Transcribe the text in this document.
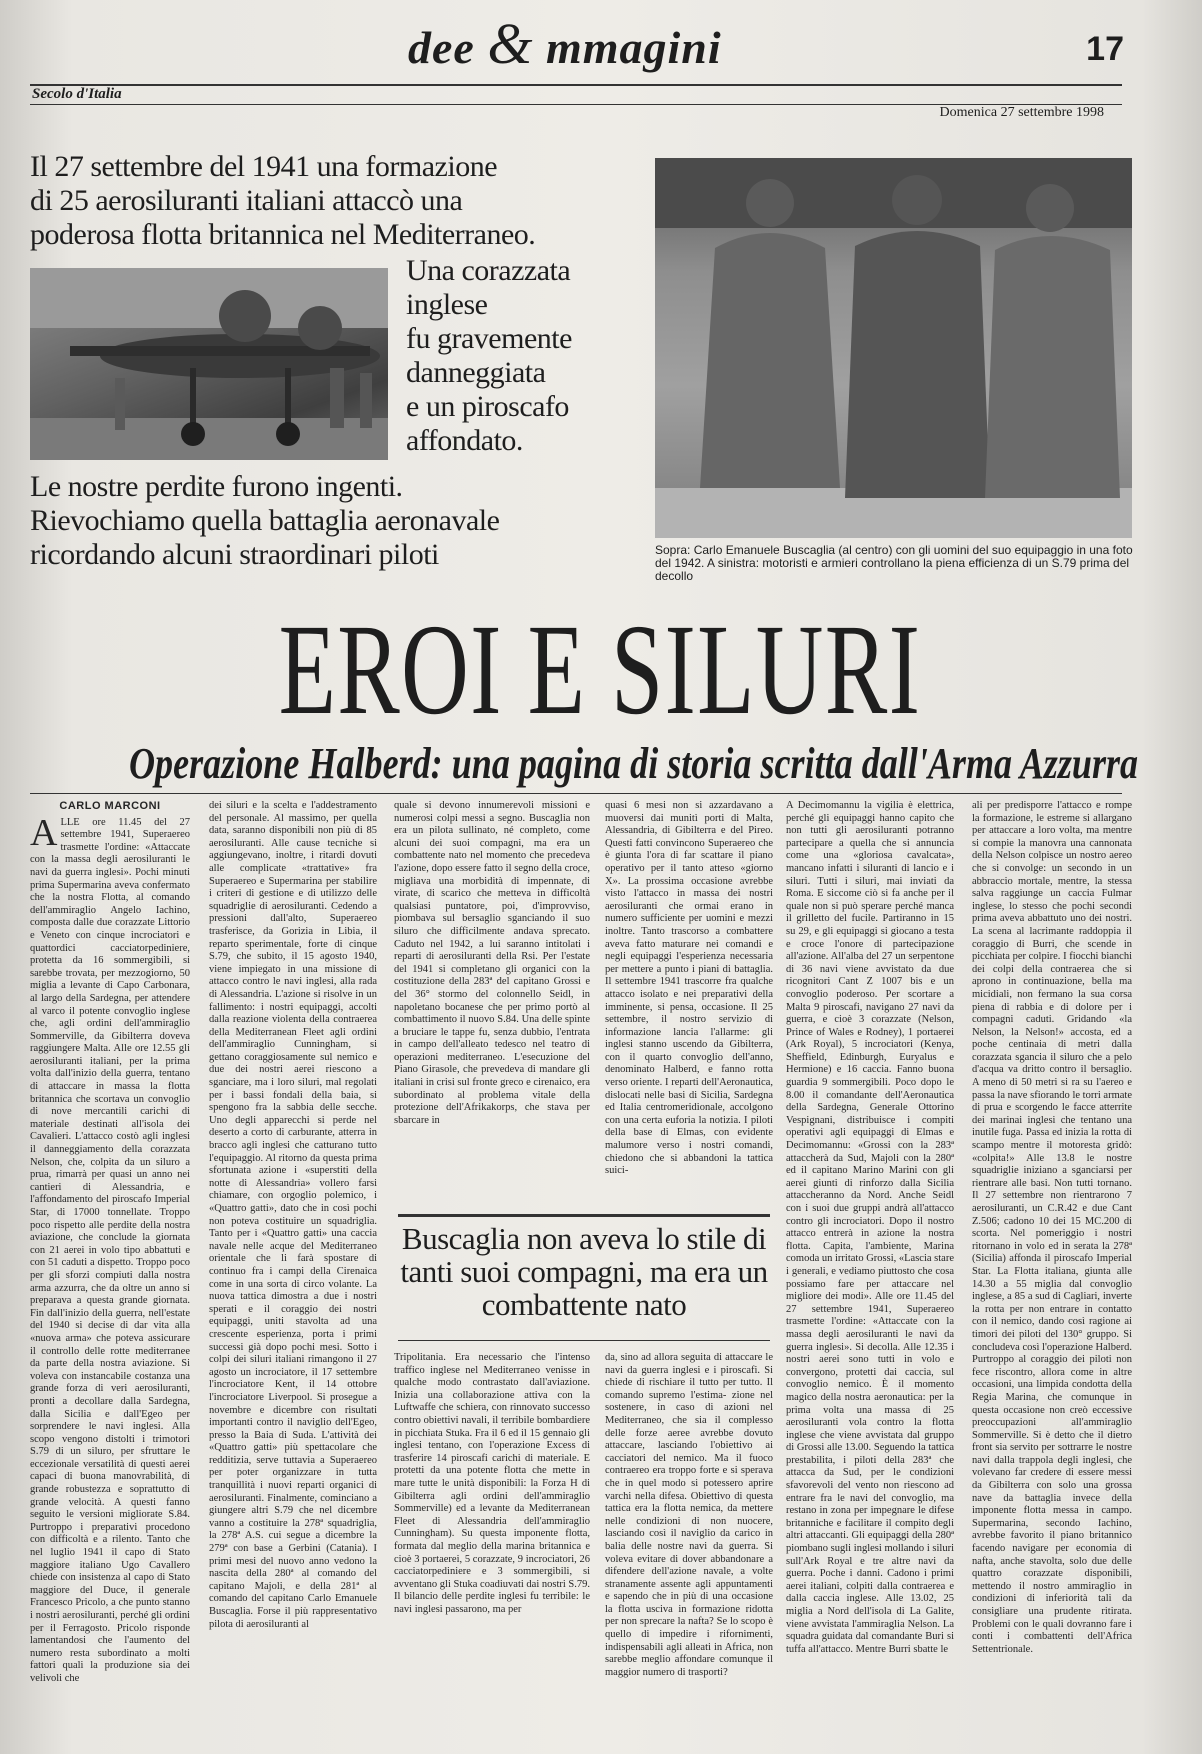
dee & mmagini	17
Secolo d'Italia
Domenica 27 settembre 1998
Il 27 settembre del 1941 una formazione
di 25 aerosiluranti italiani attaccò una
poderosa flotta britannica nel Mediterraneo.
Una corazzata
inglese
fu gravemente
danneggiata
e un piroscafo
affondato.
Le nostre perdite furono ingenti.
Rievochiamo quella battaglia aeronavale
ricordando alcuni straordinari piloti	Sopra: Carlo Emanuele Buscaglia (al centro) con gli uomini del suo equipaggio in una foto del 1942. A sinistra: motoristi e armieri controllano la piena efficienza di un S.79 prima del decollo
EROI E SILURI
Operazione Halberd: una pagina di storia scritta dall'Arma Azzurra
CARLO MARCONI

ALLE ore 11.45 del 27 settembre 1941, Superaereo trasmette l'ordine: «Attaccate con la massa degli aerosiluranti le navi da guerra inglesi». Pochi minuti prima Supermarina aveva confermato che la nostra Flotta, al comando dell'ammiraglio Angelo Iachino, composta dalle due corazzate Littorio e Veneto con cinque incrociatori e quattordici cacciatorpediniere, protetta da 16 sommergibili, si sarebbe trovata, per mezzogiorno, 50 miglia a levante di Capo Carbonara, al largo della Sardegna, per attendere al varco il potente convoglio inglese che, agli ordini dell'ammiraglio Sommerville, da Gibilterra doveva raggiungere Malta. Alle ore 12.55 gli aerosiluranti italiani, per la prima volta dall'inizio della guerra, tentano di attaccare in massa la flotta britannica che scortava un convoglio di nove mercantili carichi di materiale destinati all'isola dei Cavalieri. L'attacco costò agli inglesi il danneggiamento della corazzata Nelson, che, colpita da un siluro a prua, rimarrà per quasi un anno nei cantieri di Alessandria, e l'affondamento del piroscafo Imperial Star, di 17000 tonnellate. Troppo poco rispetto alle perdite della nostra aviazione, che conclude la giornata con 21 aerei in volo tipo abbattuti e con 51 caduti a dispetto. Troppo poco per gli sforzi compiuti dalla nostra arma azzurra, che da oltre un anno si preparava a questa grande giornata. Fin dall'inizio della guerra, nell'estate del 1940 si decise di dar vita alla «nuova arma» che poteva assicurare il controllo delle rotte mediterranee da parte della nostra aviazione. Si voleva con instancabile costanza una grande forza di veri aerosiluranti, pronti a decollare dalla Sardegna, dalla Sicilia e dall'Egeo per sorprendere le navi inglesi. Alla scopo vengono distolti i trimotori S.79 di un siluro, per sfruttare le eccezionale versatilità di questi aerei capaci di buona manovrabilità, di grande robustezza e soprattutto di grande velocità. A questi fanno seguito le versioni migliorate S.84. Purtroppo i preparativi procedono con difficoltà e a rilento. Tanto che nel luglio 1941 il capo di Stato maggiore italiano Ugo Cavallero chiede con insistenza al capo di Stato maggiore del Duce, il generale Francesco Pricolo, a che punto stanno i nostri aerosiluranti, perché gli ordini per il Ferragosto. Pricolo risponde lamentandosi che l'aumento del numero resta subordinato a molti fattori quali la produzione sia dei velivoli che

dei siluri e la scelta e l'addestramento del personale. Al massimo, per quella data, saranno disponibili non più di 85 aerosiluranti. Alle cause tecniche si aggiungevano, inoltre, i ritardi dovuti alle complicate «trattative» fra Superaereo e Supermarina per stabilire i criteri di gestione e di utilizzo delle squadriglie di aerosiluranti. Cedendo a pressioni dall'alto, Superaereo trasferisce, da Gorizia in Libia, il reparto sperimentale, forte di cinque S.79, che subito, il 15 agosto 1940, viene impiegato in una missione di attacco contro le navi inglesi, alla rada di Alessandria. L'azione si risolve in un fallimento: i nostri equipaggi, accolti dalla reazione violenta della contraerea della Mediterranean Fleet agli ordini dell'ammiraglio Cunningham, si gettano coraggiosamente sul nemico e due dei nostri aerei riescono a sganciare, ma i loro siluri, mal regolati per i bassi fondali della baia, si spengono fra la sabbia delle secche. Uno degli apparecchi si perde nel deserto a corto di carburante, atterra in bracco agli inglesi che catturano tutto l'equipaggio. Al ritorno da questa prima sfortunata azione i «superstiti della notte di Alessandria» vollero farsi chiamare, con orgoglio polemico, i «Quattro gatti», dato che in così pochi non poteva costituire un squadriglia. Tanto per i «Quattro gatti» una caccia navale nelle acque del Mediterraneo orientale che li farà spostare di continuo fra i campi della Cirenaica come in una sorta di circo volante. La nuova tattica dimostra a due i nostri sperati e il coraggio dei nostri equipaggi, uniti stavolta ad una crescente esperienza, porta i primi successi già dopo pochi mesi. Sotto i colpi dei siluri italiani rimangono il 27 agosto un incrociatore, il 17 settembre l'incrociatore Kent, il 14 ottobre l'incrociatore Liverpool. Si prosegue a novembre e dicembre con risultati importanti contro il naviglio dell'Egeo, presso la Baia di Suda. L'attività dei «Quattro gatti» più spettacolare che redditizia, serve tuttavia a Superaereo per poter organizzare in tutta tranquillità i nuovi reparti organici di aerosiluranti. Finalmente, cominciano a giungere altri S.79 che nel dicembre vanno a costituire la 278ª squadriglia, la 278ª A.S. cui segue a dicembre la 279ª con base a Gerbini (Catania). I primi mesi del nuovo anno vedono la nascita della 280ª al comando del capitano Majoli, e della 281ª al comando del capitano Carlo Emanuele Buscaglia. Forse il più rappresentativo pilota di aerosiluranti al

quale si devono innumerevoli missioni e numerosi colpi messi a segno. Buscaglia non era un pilota sullinato, né completo, come alcuni dei suoi compagni, ma era un combattente nato nel momento che precedeva l'azione, dopo essere fatto il segno della croce, migliava una morbidità di impennate, di virate, di scarico che metteva in difficoltà qualsiasi puntatore, poi, d'improvviso, piombava sul bersaglio sganciando il suo siluro che difficilmente andava sprecato. Caduto nel 1942, a lui saranno intitolati i reparti di aerosiluranti della Rsi. Per l'estate del 1941 si completano gli organici con la costituzione della 283ª del capitano Grossi e del 36° stormo del colonnello Seidl, in napoletano bocanese che per primo portò al combattimento il nuovo S.84. Una delle spinte a bruciare le tappe fu, senza dubbio, l'entrata in campo dell'alleato tedesco nel teatro di operazioni mediterraneo. L'esecuzione del Piano Girasole, che prevedeva di mandare gli italiani in crisi sul fronte greco e cirenaico, era subordinato al problema vitale della protezione dell'Afrikakorps, che stava per sbarcare in

quasi 6 mesi non si azzardavano a muoversi dai munitì porti di Malta, Alessandria, di Gibilterra e del Pireo. Questi fatti convincono Superaereo che è giunta l'ora di far scattare il piano operativo per il tanto atteso «giorno X». La prossima occasione avrebbe visto l'attacco in massa dei nostri aerosiluranti che ormai erano in numero sufficiente per uomini e mezzi inoltre. Tanto trascorso a combattere aveva fatto maturare nei comandi e negli equipaggi l'esperienza necessaria per mettere a punto i piani di battaglia. Il settembre 1941 trascorre fra qualche attacco isolato e nei preparativi della imminente, si pensa, occasione. Il 25 settembre, il nostro servizio di informazione lancia l'allarme: gli inglesi stanno uscendo da Gibilterra, con il quarto convoglio dell'anno, denominato Halberd, e fanno rotta verso oriente. I reparti dell'Aeronautica, dislocati nelle basi di Sicilia, Sardegna ed Italia centromeridionale, accolgono con una certa euforia la notizia. I piloti della base di Elmas, con evidente malumore verso i nostri comandi, chiedono che si abbandoni la tattica suici-

Buscaglia non aveva lo stile di tanti suoi compagni, ma era un combattente nato

Tripolitania. Era necessario che l'intenso traffico inglese nel Mediterraneo venisse in qualche modo contrastato dall'aviazione. Inizia una collaborazione attiva con la Luftwaffe che schiera, con rinnovato successo contro obiettivi navali, il terribile bombardiere in picchiata Stuka. Fra il 6 ed il 15 gennaio gli inglesi tentano, con l'operazione Excess di trasferire 14 piroscafi carichi di materiale. E protetti da una potente flotta che mette in mare tutte le unità disponibili: la Forza H di Gibilterra agli ordini dell'ammiraglio Sommerville) ed a levante da Mediterranean Fleet di Alessandria dell'ammiraglio Cunningham). Su questa imponente flotta, formata dal meglio della marina britannica e cioè 3 portaerei, 5 corazzate, 9 incrociatori, 26 cacciatorpediniere e 3 sommergibili, si avventano gli Stuka coadiuvati dai nostri S.79. Il bilancio delle perdite inglesi fu terribile: le navi inglesi passarono, ma per

da, sino ad allora seguita di attaccare le navi da guerra inglesi e i piroscafi. Si chiede di rischiare il tutto per tutto. Il comando supremo l'estima- zione nel sostenere, in caso di azioni nel Mediterraneo, che sia il complesso delle forze aeree avrebbe dovuto attaccare, lasciando l'obiettivo ai cacciatori del nemico. Ma il fuoco contraereo era troppo forte e si sperava che in quel modo si potessero aprire varchi nella difesa. Obiettivo di questa tattica era la flotta nemica, da mettere nelle condizioni di non nuocere, lasciando così il naviglio da carico in balia delle nostre navi da guerra. Si voleva evitare di dover abbandonare a difendere dell'azione navale, a volte stranamente assente agli appuntamenti e sapendo che in più di una occasione la flotta usciva in formazione ridotta per non sprecare la nafta? Se lo scopo è quello di impedire i rifornimenti, indispensabili agli alleati in Africa, non sarebbe meglio affondare comunque il maggior numero di trasporti?

A Decimomannu la vigilia è elettrica, perché gli equipaggi hanno capito che non tutti gli aerosiluranti potranno partecipare a quella che si annuncia come una «gloriosa cavalcata», mancano infatti i siluranti di lancio e i siluri. Tutti i siluri, mai inviati da Roma. E siccome ciò si fa anche per il quale non si può sperare perché manca il grilletto del fucile. Partiranno in 15 su 29, e gli equipaggi si giocano a testa e croce l'onore di partecipazione all'azione. All'alba del 27 un serpentone di 36 navi viene avvistato da due ricognitori Cant Z 1007 bis e un convoglio poderoso. Per scortare a Malta 9 piroscafi, navigano 27 navi da guerra, e cioè 3 corazzate (Nelson, Prince of Wales e Rodney), 1 portaerei (Ark Royal), 5 incrociatori (Kenya, Sheffield, Edinburgh, Euryalus e Hermione) e 16 caccia. Fanno buona guardia 9 sommergibili. Poco dopo le 8.00 il comandante dell'Aeronautica della Sardegna, Generale Ottorino Vespignani, distribuisce i compiti operativi agli equipaggi di Elmas e Decimomannu: «Grossi con la 283ª attaccherà da Sud, Majoli con la 280ª ed il capitano Marino Marini con gli aerei giunti di rinforzo dalla Sicilia attaccheranno da Nord. Anche Seidl con i suoi due gruppi andrà all'attacco contro gli incrociatori. Dopo il nostro attacco entrerà in azione la nostra flotta. Capita, l'ambiente, Marina comoda un irritato Grossi, «Lascia stare i generali, e vediamo piuttosto che cosa possiamo fare per attaccare nel migliore dei modi». Alle ore 11.45 del 27 settembre 1941, Superaereo trasmette l'ordine: «Attaccate con la massa degli aerosiluranti le navi da guerra inglesi». Si decolla. Alle 12.35 i nostri aerei sono tutti in volo e convergono, protetti dai caccia, sul convoglio nemico. È il momento magico della nostra aeronautica: per la prima volta una massa di 25 aerosiluranti vola contro la flotta inglese che viene avvistata dal gruppo di Grossi alle 13.00. Seguendo la tattica prestabilita, i piloti della 283ª che attacca da Sud, per le condizioni sfavorevoli del vento non riescono ad entrare fra le navi del convoglio, ma restano in zona per impegnare le difese britanniche e facilitare il compito degli altri attaccanti. Gli equipaggi della 280ª piombano sugli inglesi mollando i siluri sull'Ark Royal e tre altre navi da guerra. Poche i danni. Cadono i primi aerei italiani, colpiti dalla contraerea e dalla caccia inglese. Alle 13.02, 25 miglia a Nord dell'isola di La Galite, viene avvistata l'ammiraglia Nelson. La squadra guidata dal comandante Buri si tuffa all'attacco. Mentre Burri sbatte le

ali per predisporre l'attacco e rompe la formazione, le estreme si allargano per attaccare a loro volta, ma mentre si compie la manovra una cannonata della Nelson colpisce un nostro aereo che si convolge: un secondo in un abbraccio mortale, mentre, la stessa salva raggiunge un caccia Fulmar inglese, lo stesso che pochi secondi prima aveva abbattuto uno dei nostri. La scena al lacrimante raddoppia il coraggio di Burri, che scende in picchiata per colpire. I fiocchi bianchi dei colpi della contraerea che si aprono in continuazione, bella ma micidiali, non fermano la sua corsa piena di rabbia e di dolore per i compagni caduti. Gridando «la Nelson, la Nelson!» accosta, ed a poche centinaia di metri dalla corazzata sgancia il siluro che a pelo d'acqua va dritto contro il bersaglio. A meno di 50 metri si ra su l'aereo e passa la nave sfiorando le torri armate di prua e scorgendo le facce atterrite dei marinai inglesi che tentano una inutile fuga. Passa ed inizia la rotta di scampo mentre il motoresta gridò: «colpita!» Alle 13.8 le nostre squadriglie iniziano a sganciarsi per rientrare alle basi. Non tutti tornano. Il 27 settembre non rientrarono 7 aerosiluranti, un C.R.42 e due Cant Z.506; cadono 10 dei 15 MC.200 di scorta. Nel pomeriggio i nostri ritornano in volo ed in serata la 278ª (Sicilia) affonda il piroscafo Imperial Star. La Flotta italiana, giunta alle 14.30 a 55 miglia dal convoglio inglese, a 85 a sud di Cagliari, inverte la rotta per non entrare in contatto con il nemico, dando così ragione ai timori dei piloti del 130° gruppo. Si concludeva così l'operazione Halberd. Purtroppo al coraggio dei piloti non fece riscontro, allora come in altre occasioni, una limpida condotta della Regia Marina, che comunque in questa occasione non creò eccessive preoccupazioni all'ammiraglio Sommerville. Si è detto che il dietro front sia servito per sottrarre le nostre navi dalla trappola degli inglesi, che volevano far credere di essere messi da Gibilterra con solo una grossa nave da battaglia invece della imponente flotta messa in campo. Supermarina, secondo Iachino, avrebbe favorito il piano britannico facendo navigare per economia di nafta, anche stavolta, solo due delle quattro corazzate disponibili, mettendo il nostro ammiraglio in condizioni di inferiorità tali da consigliare una prudente ritirata. Problemi con le quali dovranno fare i conti i combattenti dell'Africa Settentrionale.
